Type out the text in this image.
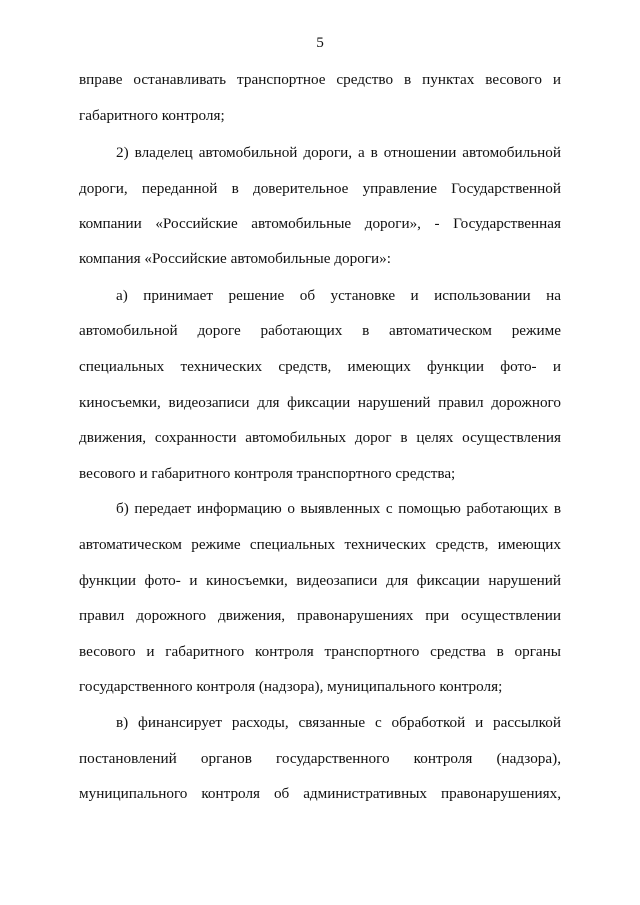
5
вправе останавливать транспортное средство в пунктах весового и
габаритного контроля;
2) владелец автомобильной дороги, а в отношении автомобильной
дороги, переданной в доверительное управление Государственной
компании «Российские автомобильные дороги», - Государственная
компания «Российские автомобильные дороги»:
а) принимает решение об установке и использовании на
автомобильной дороге работающих в автоматическом режиме
специальных технических средств, имеющих функции фото- и
киносъемки, видеозаписи для фиксации нарушений правил дорожного
движения, сохранности автомобильных дорог в целях осуществления
весового и габаритного контроля транспортного средства;
б) передает информацию о выявленных с помощью работающих в
автоматическом режиме специальных технических средств, имеющих
функции фото- и киносъемки, видеозаписи для фиксации нарушений
правил дорожного движения, правонарушениях при осуществлении
весового и габаритного контроля транспортного средства в органы
государственного контроля (надзора), муниципального контроля;
в) финансирует расходы, связанные с обработкой и рассылкой
постановлений органов государственного контроля (надзора),
муниципального контроля об административных правонарушениях,
